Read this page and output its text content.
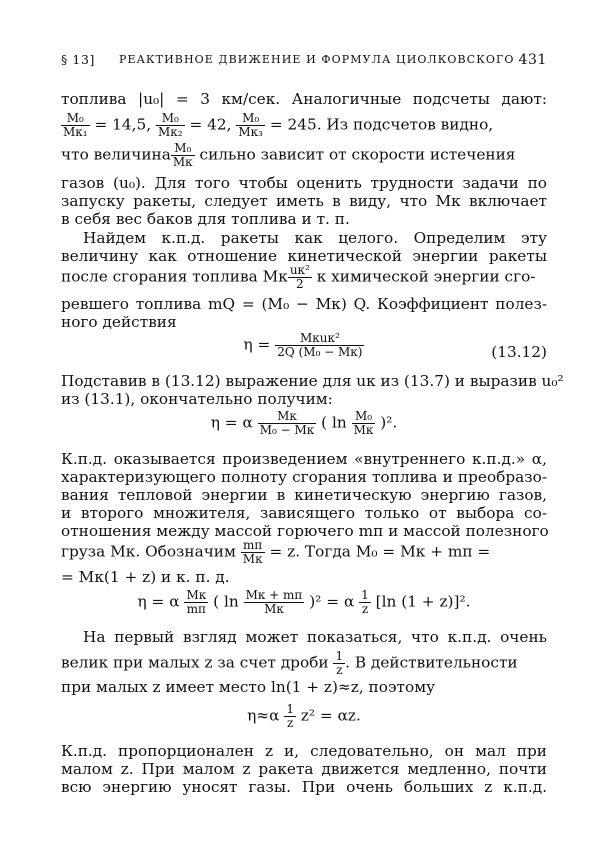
§ 13] РЕАКТИВНОЕ ДВИЖЕНИЕ И ФОРМУЛА ЦИОЛКОВСКОГО 431
топлива |u₀| = 3 км/сек. Аналогичные подсчеты дают:
M₀
Mк₁ = 14,5, M₀
Mк₂ = 42, M₀
Mк₃ = 245. Из подсчетов видно,
что величина M₀
Mк сильно зависит от скорости истечения
газов (u₀). Для того чтобы оценить трудности задачи по
запуску ракеты, следует иметь в виду, что Mк включает
в себя вес баков для топлива и т. п.
Найдем к.п.д. ракеты как целого. Определим эту
величину как отношение кинетической энергии ракеты
после сгорания топлива Mк uк²
2 к химической энергии сго-
ревшего топлива mQ = (M₀ − Mк) Q. Коэффициент полез-
ного действия
η =	Mкuк²
2Q (M₀ − Mк)	(13.12)
Подставив в (13.12) выражение для uк из (13.7) и выразив u₀²
из (13.1), окончательно получим:
η = α	Mк
M₀ − Mк ( ln M₀
Mк )².
К.п.д. оказывается произведением «внутреннего к.п.д.» α,
характеризующего полноту сгорания топлива и преобразо-
вания тепловой энергии в кинетическую энергию газов,
и второго множителя, зависящего только от выбора со-
отношения между массой горючего mп и массой полезного
груза Mк. Обозначим mп
Mк = z. Тогда M₀ = Mк + mп =
= Mк(1 + z) и к. п. д.
η = α Mк
mп ( ln Mк + mп
Mк	)² = α $\frac{1}{z} [\ln$ (1 + z)]².
На первый взгляд может показаться, что к.п.д. очень
велик при малых z за счет дроби $\frac{1}{z}$ . В действительности
при малых z имеет место ln(1 + z)≈z, поэтому
$\eta\approx\alpha \frac{1}{z} z^2 = \alpha z$.
К.п.д. пропорционален z и, следовательно, он мал при
малом z. При малом z ракета движется медленно, почти
всю энергию уносят газы. При очень больших z к.п.д.
